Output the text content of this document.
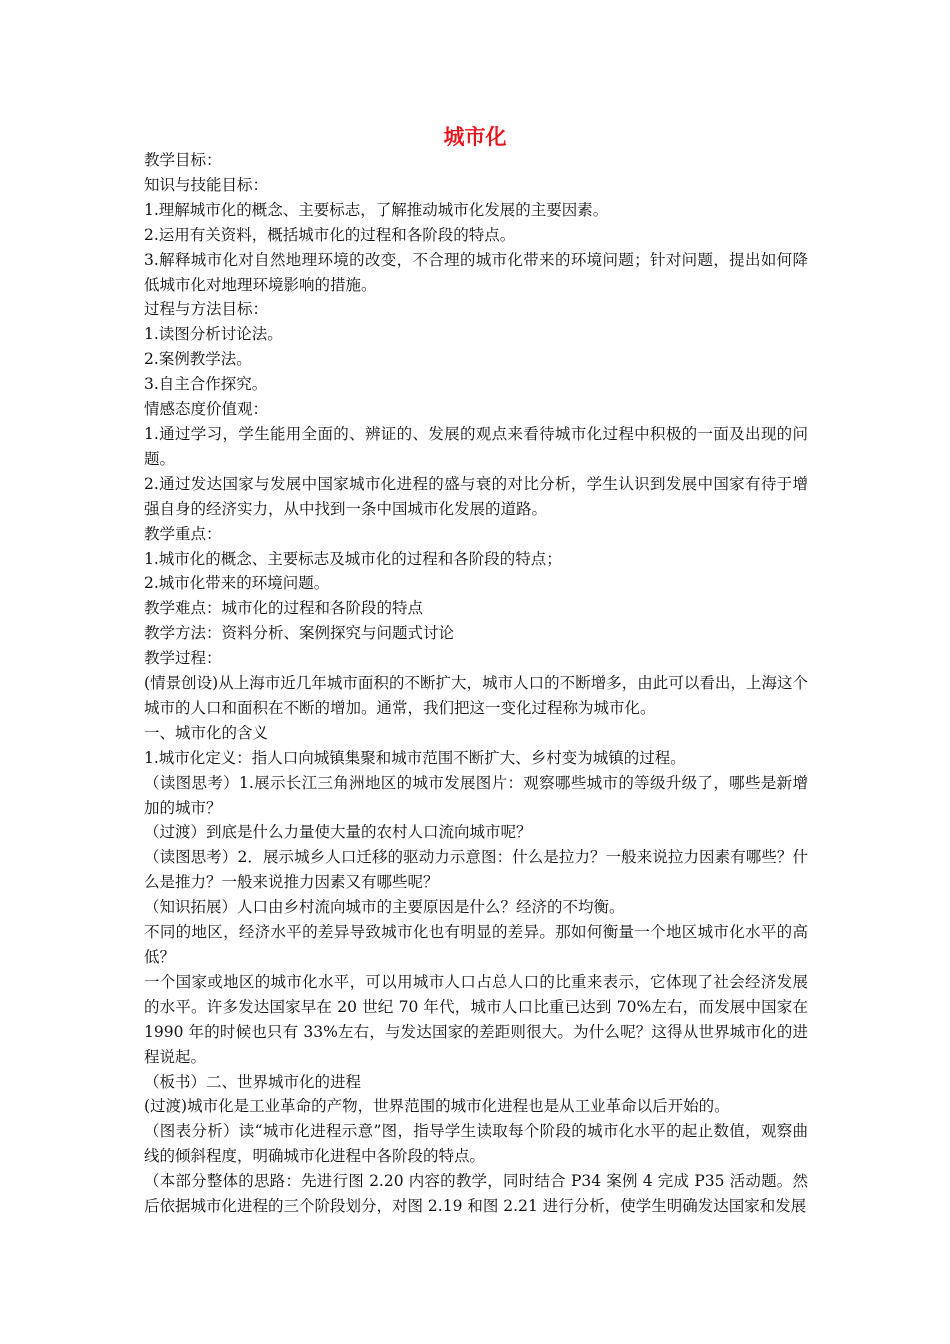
城市化

教学目标：

知识与技能目标：

1.理解城市化的概念、主要标志，了解推动城市化发展的主要因素。

2.运用有关资料，概括城市化的过程和各阶段的特点。

3.解释城市化对自然地理环境的改变，不合理的城市化带来的环境问题；针对问题，提出如何降低城市化对地理环境影响的措施。

过程与方法目标：

1.读图分析讨论法。

2.案例教学法。

3.自主合作探究。

情感态度价值观：

1.通过学习，学生能用全面的、辨证的、发展的观点来看待城市化过程中积极的一面及出现的问题。

2.通过发达国家与发展中国家城市化进程的盛与衰的对比分析，学生认识到发展中国家有待于增强自身的经济实力，从中找到一条中国城市化发展的道路。

教学重点：

1.城市化的概念、主要标志及城市化的过程和各阶段的特点；

2.城市化带来的环境问题。

教学难点：城市化的过程和各阶段的特点

教学方法：资料分析、案例探究与问题式讨论

教学过程：

(情景创设)从上海市近几年城市面积的不断扩大，城市人口的不断增多，由此可以看出，上海这个城市的人口和面积在不断的增加。通常，我们把这一变化过程称为城市化。

一、城市化的含义

1.城市化定义：指人口向城镇集聚和城市范围不断扩大、乡村变为城镇的过程。

（读图思考）1.展示长江三角洲地区的城市发展图片：观察哪些城市的等级升级了，哪些是新增加的城市？

（过渡）到底是什么力量使大量的农村人口流向城市呢？

（读图思考）2．展示城乡人口迁移的驱动力示意图：什么是拉力？一般来说拉力因素有哪些？什么是推力？一般来说推力因素又有哪些呢？

（知识拓展）人口由乡村流向城市的主要原因是什么？经济的不均衡。

不同的地区，经济水平的差异导致城市化也有明显的差异。那如何衡量一个地区城市化水平的高低？

一个国家或地区的城市化水平，可以用城市人口占总人口的比重来表示，它体现了社会经济发展的水平。许多发达国家早在 20 世纪 70 年代，城市人口比重已达到 70%左右，而发展中国家在 1990 年的时候也只有 33%左右，与发达国家的差距则很大。为什么呢？这得从世界城市化的进程说起。

（板书）二、世界城市化的进程

(过渡)城市化是工业革命的产物，世界范围的城市化进程也是从工业革命以后开始的。

（图表分析）读“城市化进程示意”图，指导学生读取每个阶段的城市化水平的起止数值，观察曲线的倾斜程度，明确城市化进程中各阶段的特点。

（本部分整体的思路：先进行图 2.20 内容的教学，同时结合 P34 案例 4 完成 P35 活动题。然后依据城市化进程的三个阶段划分，对图 2.19 和图 2.21 进行分析，使学生明确发达国家和发展
